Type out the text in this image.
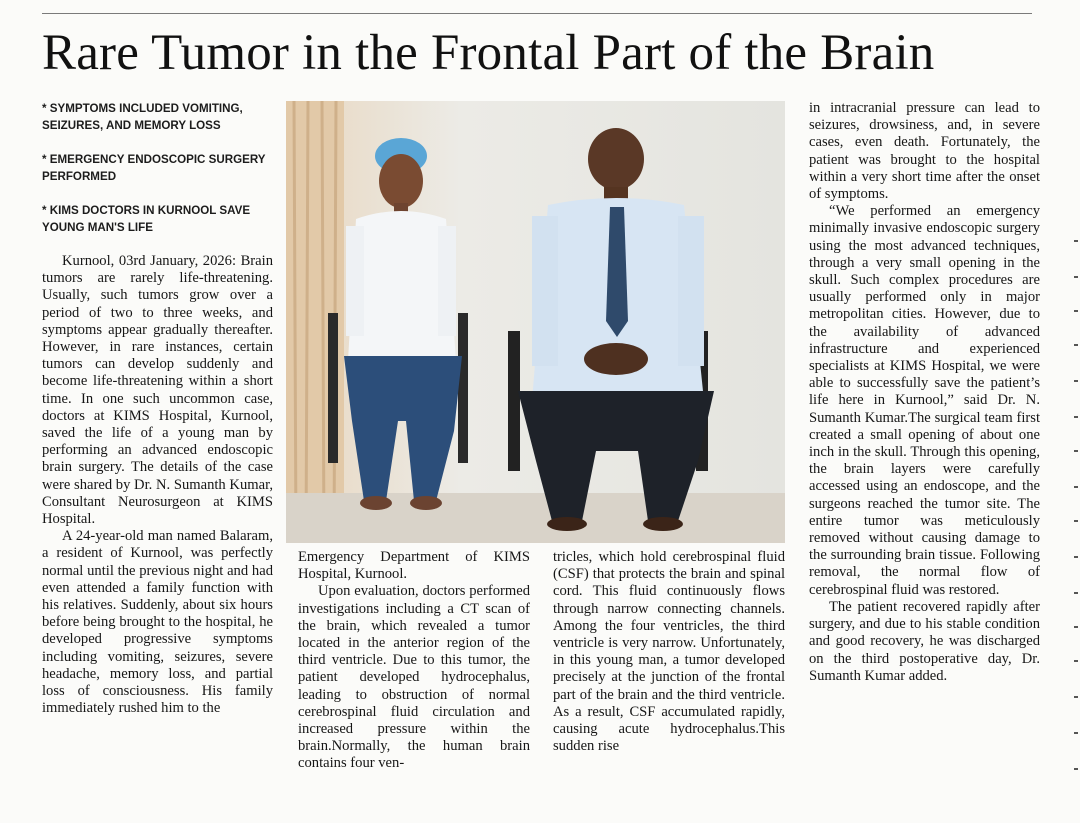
Rare Tumor in the Frontal Part of the Brain
* SYMPTOMS INCLUDED VOMITING, SEIZURES, AND MEMORY LOSS
* EMERGENCY ENDOSCOPIC SURGERY PERFORMED
* KIMS DOCTORS IN KURNOOL SAVE YOUNG MAN'S LIFE

Kurnool, 03rd January, 2026: Brain tumors are rarely life-threatening. Usually, such tumors grow over a period of two to three weeks, and symptoms appear gradually thereafter. However, in rare instances, certain tumors can develop suddenly and become life-threatening within a short time. In one such uncommon case, doctors at KIMS Hospital, Kurnool, saved the life of a young man by performing an advanced endoscopic brain surgery. The details of the case were shared by Dr. N. Sumanth Kumar, Consultant Neurosurgeon at KIMS Hospital.

A 24-year-old man named Balaram, a resident of Kurnool, was perfectly normal until the previous night and had even attended a family function with his relatives. Suddenly, about six hours before being brought to the hospital, he developed progressive symptoms including vomiting, seizures, severe headache, memory loss, and partial loss of consciousness. His family immediately rushed him to the

Emergency Department of KIMS Hospital, Kurnool.

Upon evaluation, doctors performed investigations including a CT scan of the brain, which revealed a tumor located in the anterior region of the third ventricle. Due to this tumor, the patient developed hydrocephalus, leading to obstruction of normal cerebrospinal fluid circulation and increased pressure within the brain.Normally, the human brain contains four ven-

tricles, which hold cerebrospinal fluid (CSF) that protects the brain and spinal cord. This fluid continuously flows through narrow connecting channels. Among the four ventricles, the third ventricle is very narrow. Unfortunately, in this young man, a tumor developed precisely at the junction of the frontal part of the brain and the third ventricle. As a result, CSF accumulated rapidly, causing acute hydrocephalus.This sudden rise

in intracranial pressure can lead to seizures, drowsiness, and, in severe cases, even death. Fortunately, the patient was brought to the hospital within a very short time after the onset of symptoms.

“We performed an emergency minimally invasive endoscopic surgery using the most advanced techniques, through a very small opening in the skull. Such complex procedures are usually performed only in major metropolitan cities. However, due to the availability of advanced infrastructure and experienced specialists at KIMS Hospital, we were able to successfully save the patient’s life here in Kurnool,” said Dr. N. Sumanth Kumar.The surgical team first created a small opening of about one inch in the skull. Through this opening, the brain layers were carefully accessed using an endoscope, and the surgeons reached the tumor site. The entire tumor was meticulously removed without causing damage to the surrounding brain tissue. Following removal, the normal flow of cerebrospinal fluid was restored.

The patient recovered rapidly after surgery, and due to his stable condition and good recovery, he was discharged on the third postoperative day, Dr. Sumanth Kumar added.
